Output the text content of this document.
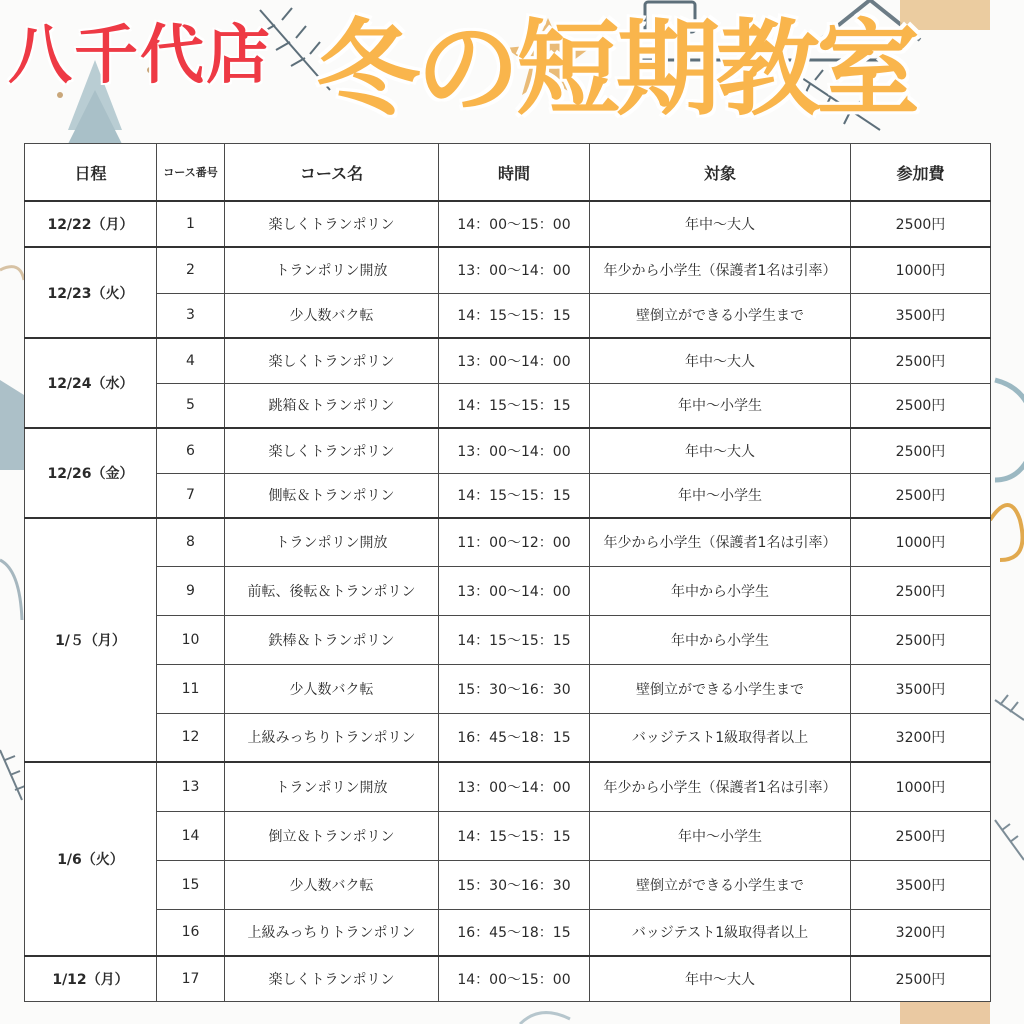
八千代店 冬の短期教室
日程	コース番号	コース名	時間	対象	参加費
12/22（月）	1	楽しくトランポリン	14：00〜15：00	年中〜大人	2500円
12/23（火）	2	トランポリン開放	13：00〜14：00	年少から小学生（保護者1名は引率）	1000円
	3	少人数バク転	14：15〜15：15	壁倒立ができる小学生まで	3500円
12/24（水）	4	楽しくトランポリン	13：00〜14：00	年中〜大人	2500円
	5	跳箱＆トランポリン	14：15〜15：15	年中〜小学生	2500円
12/26（金）	6	楽しくトランポリン	13：00〜14：00	年中〜大人	2500円
	7	側転＆トランポリン	14：15〜15：15	年中〜小学生	2500円
1/５（月）	8	トランポリン開放	11：00〜12：00	年少から小学生（保護者1名は引率）	1000円
	9	前転、後転＆トランポリン	13：00〜14：00	年中から小学生	2500円
	10	鉄棒＆トランポリン	14：15〜15：15	年中から小学生	2500円
	11	少人数バク転	15：30〜16：30	壁倒立ができる小学生まで	3500円
	12	上級みっちりトランポリン	16：45〜18：15	バッジテスト1級取得者以上	3200円
1/6（火）	13	トランポリン開放	13：00〜14：00	年少から小学生（保護者1名は引率）	1000円
	14	倒立＆トランポリン	14：15〜15：15	年中〜小学生	2500円
	15	少人数バク転	15：30〜16：30	壁倒立ができる小学生まで	3500円
	16	上級みっちりトランポリン	16：45〜18：15	バッジテスト1級取得者以上	3200円
1/12（月）	17	楽しくトランポリン	14：00〜15：00	年中〜大人	2500円
